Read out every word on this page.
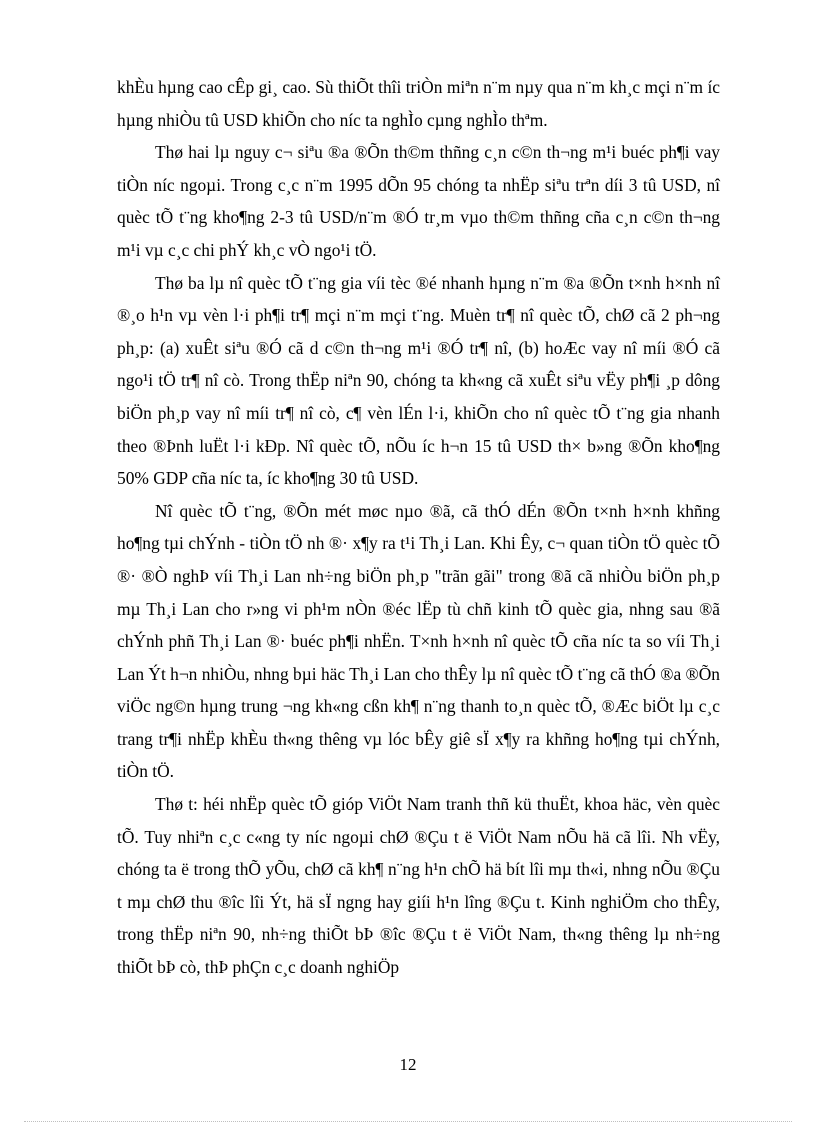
khÈu hµng cao cÊp gi¸ cao. Sù thiÕt thîi triÒn miªn n¨m nµy qua n¨m kh¸c mçi n¨m íc hµng nhiÒu tû USD khiÕn cho níc ta nghÌo cµng nghÌo thªm.

Thø hai lµ nguy c¬ siªu ®a ®Õn th©m thñng c¸n c©n th¬ng m¹i buéc ph¶i vay tiÒn níc ngoµi. Trong c¸c n¨m 1995 dÕn 95 chóng ta nhËp siªu trªn díi 3 tû USD, nî quèc tÕ t¨ng kho¶ng 2-3 tû USD/n¨m ®Ó tr¸m vµo th©m thñng cña c¸n c©n th¬ng m¹i vµ c¸c chi phÝ kh¸c vÒ ngo¹i tÖ.

Thø ba lµ nî quèc tÕ t¨ng gia víi tèc ®é nhanh hµng n¨m ®a ®Õn t×nh h×nh nî ®¸o h¹n vµ vèn l·i ph¶i tr¶ mçi n¨m mçi t¨ng. Muèn tr¶ nî quèc tÕ, chØ cã 2 ph¬ng ph¸p: (a) xuÊt siªu ®Ó cã d c©n th¬ng m¹i ®Ó tr¶ nî, (b) hoÆc vay nî míi ®Ó cã ngo¹i tÖ tr¶ nî cò. Trong thËp niªn 90, chóng ta kh«ng cã xuÊt siªu vËy ph¶i ¸p dông biÖn ph¸p vay nî míi tr¶ nî cò, c¶ vèn lÉn l·i, khiÕn cho nî quèc tÕ t¨ng gia nhanh theo ®Þnh luËt l·i kÐp. Nî quèc tÕ, nÕu íc h¬n 15 tû USD th× b»ng ®Õn kho¶ng 50% GDP cña níc ta, íc kho¶ng 30 tû USD.

Nî quèc tÕ t¨ng, ®Õn mét møc nµo ®ã, cã thÓ dÉn ®Õn t×nh h×nh khñng ho¶ng tµi chÝnh - tiÒn tÖ nh ®· x¶y ra t¹i Th¸i Lan. Khi Êy, c¬ quan tiÒn tÖ quèc tÕ ®· ®Ò nghÞ víi Th¸i Lan nh÷ng biÖn ph¸p "trãn gãi" trong ®ã cã nhiÒu biÖn ph¸p mµ Th¸i Lan cho r»ng vi ph¹m nÒn ®éc lËp tù chñ kinh tÕ quèc gia, nhng sau ®ã chÝnh phñ Th¸i Lan ®· buéc ph¶i nhËn. T×nh h×nh nî quèc tÕ cña níc ta so víi Th¸i Lan Ýt h¬n nhiÒu, nhng bµi häc Th¸i Lan cho thÊy lµ nî quèc tÕ t¨ng cã thÓ ®a ®Õn viÖc ng©n hµng trung ¬ng kh«ng cßn kh¶ n¨ng thanh to¸n quèc tÕ, ®Æc biÖt lµ c¸c trang tr¶i nhËp khÈu th«ng thêng vµ lóc bÊy giê sÏ x¶y ra khñng ho¶ng tµi chÝnh, tiÒn tÖ.

Thø t: héi nhËp quèc tÕ gióp ViÖt Nam tranh thñ kü thuËt, khoa häc, vèn quèc tÕ. Tuy nhiªn c¸c c«ng ty níc ngoµi chØ ®Çu t ë ViÖt Nam nÕu hä cã lîi. Nh vËy, chóng ta ë trong thÕ yÕu, chØ cã kh¶ n¨ng h¹n chÕ hä bít lîi mµ th«i, nhng nÕu ®Çu t mµ chØ thu ®îc lîi Ýt, hä sÏ ngng hay giíi h¹n lîng ®Çu t. Kinh nghiÖm cho thÊy, trong thËp niªn 90, nh÷ng thiÕt bÞ ®îc ®Çu t ë ViÖt Nam, th«ng thêng lµ nh÷ng thiÕt bÞ cò, thÞ phÇn c¸c doanh nghiÖp

12
